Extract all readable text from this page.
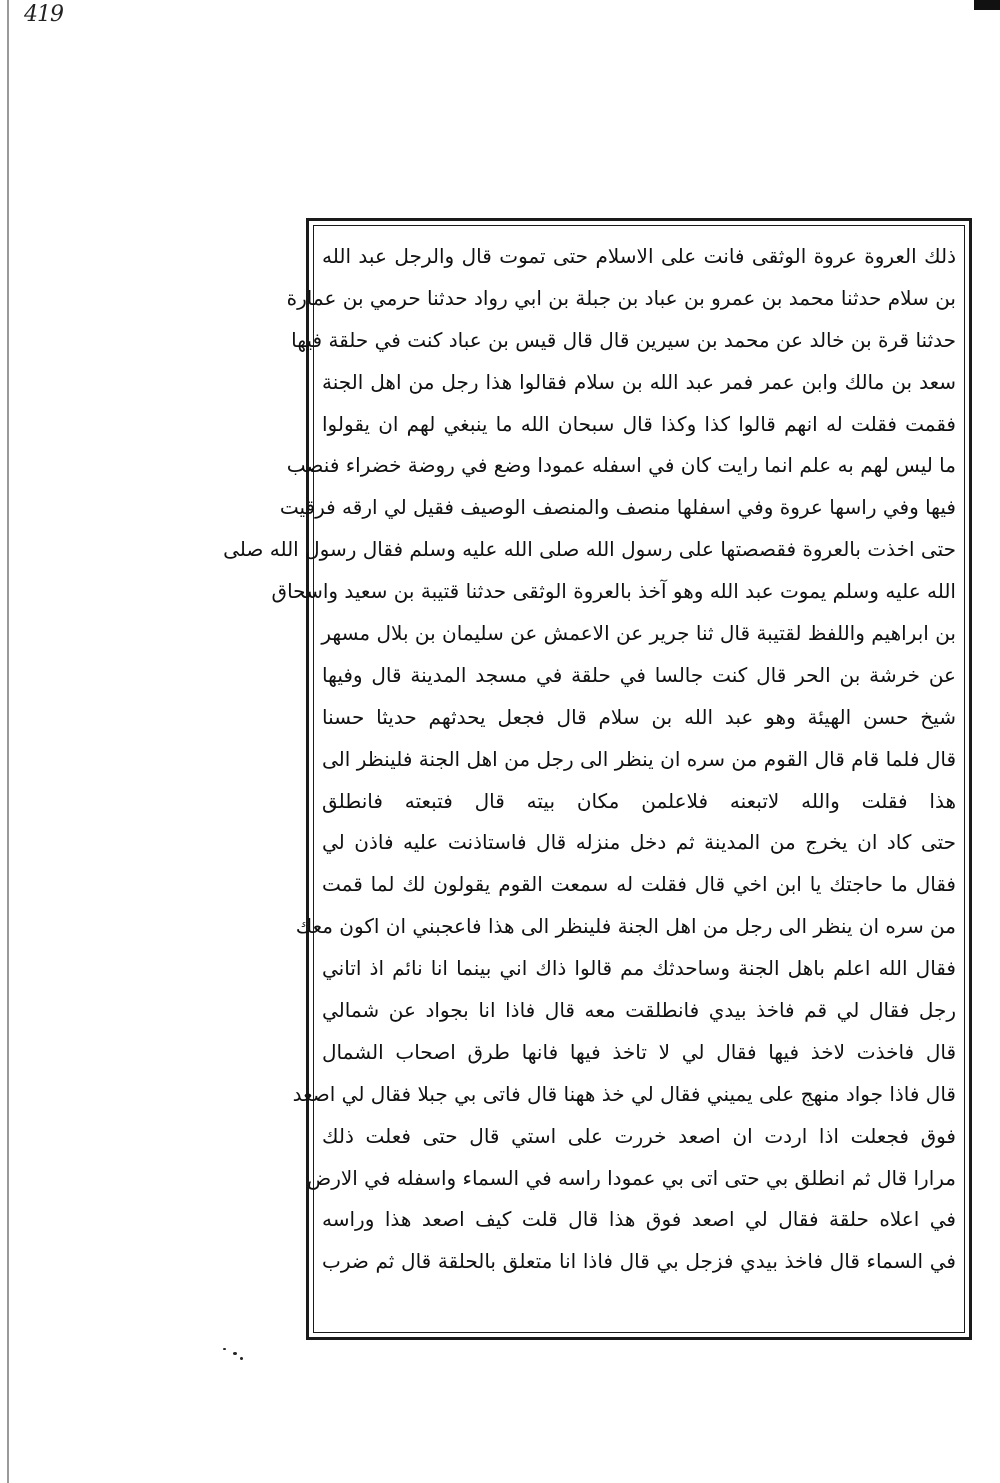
419
ذلك العروة عروة الوثقى فانت على الاسلام حتى تموت قال والرجل عبد الله
بن سلام حدثنا محمد بن عمرو بن عباد بن جبلة بن ابي رواد حدثنا حرمي بن عمارة
حدثنا قرة بن خالد عن محمد بن سيرين قال قال قيس بن عباد كنت في حلقة فيها
سعد بن مالك وابن عمر فمر عبد الله بن سلام فقالوا هذا رجل من اهل الجنة
فقمت فقلت له انهم قالوا كذا وكذا قال سبحان الله ما ينبغي لهم ان يقولوا
ما ليس لهم به علم انما رايت كان في اسفله عمودا وضع في روضة خضراء فنصب
فيها وفي راسها عروة وفي اسفلها منصف والمنصف الوصيف فقيل لي ارقه فرقيت
حتى اخذت بالعروة فقصصتها على رسول الله صلى الله عليه وسلم فقال رسول الله صلى
الله عليه وسلم يموت عبد الله وهو آخذ بالعروة الوثقى حدثنا قتيبة بن سعيد واسحاق
بن ابراهيم واللفظ لقتيبة قال ثنا جرير عن الاعمش عن سليمان بن بلال مسهر
عن خرشة بن الحر قال كنت جالسا في حلقة في مسجد المدينة قال وفيها
شيخ حسن الهيئة وهو عبد الله بن سلام قال فجعل يحدثهم حديثا حسنا
قال فلما قام قال القوم من سره ان ينظر الى رجل من اهل الجنة فلينظر الى
هذا فقلت والله لاتبعنه فلاعلمن مكان بيته قال فتبعته فانطلق
حتى كاد ان يخرج من المدينة ثم دخل منزله قال فاستاذنت عليه فاذن لي
فقال ما حاجتك يا ابن اخي قال فقلت له سمعت القوم يقولون لك لما قمت
من سره ان ينظر الى رجل من اهل الجنة فلينظر الى هذا فاعجبني ان اكون معك
فقال الله اعلم باهل الجنة وساحدثك مم قالوا ذاك اني بينما انا نائم اذ اتاني
رجل فقال لي قم فاخذ بيدي فانطلقت معه قال فاذا انا بجواد عن شمالي
قال فاخذت لاخذ فيها فقال لي لا تاخذ فيها فانها طرق اصحاب الشمال
قال فاذا جواد منهج على يميني فقال لي خذ ههنا قال فاتى بي جبلا فقال لي اصعد
فوق فجعلت اذا اردت ان اصعد خررت على استي قال حتى فعلت ذلك
مرارا قال ثم انطلق بي حتى اتى بي عمودا راسه في السماء واسفله في الارض
في اعلاه حلقة فقال لي اصعد فوق هذا قال قلت كيف اصعد هذا وراسه
في السماء قال فاخذ بيدي فزجل بي قال فاذا انا متعلق بالحلقة قال ثم ضرب
